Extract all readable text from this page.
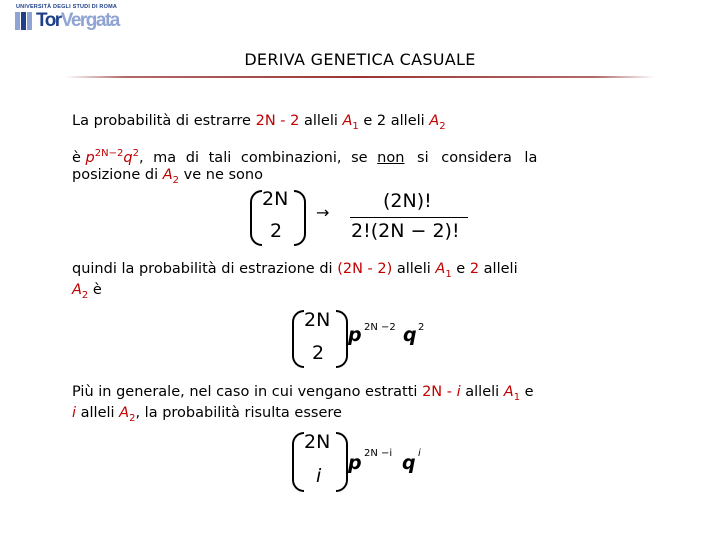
UNIVERSITÀ DEGLI STUDI DI ROMA
TorVergata
DERIVA GENETICA CASUALE
La probabilità di estrarre 2N - 2 alleli $A_1$ e 2 alleli $A_2$
è $p^{2N-2}q^2$, ma di tali combinazioni, se non si considera la
posizione di $A_2$ ve ne sono
2N
2
→
(2N)!
2!(2N − 2)!
quindi la probabilità di estrazione di (2N - 2) alleli $A_1$ e 2 alleli
$A_2$ è
2N
2
p 2N −2 q 2
Più in generale, nel caso in cui vengano estratti 2N - i alleli $A_1$ e
i alleli $A_2$, la probabilità risulta essere
2N
i
p 2N −i q i
